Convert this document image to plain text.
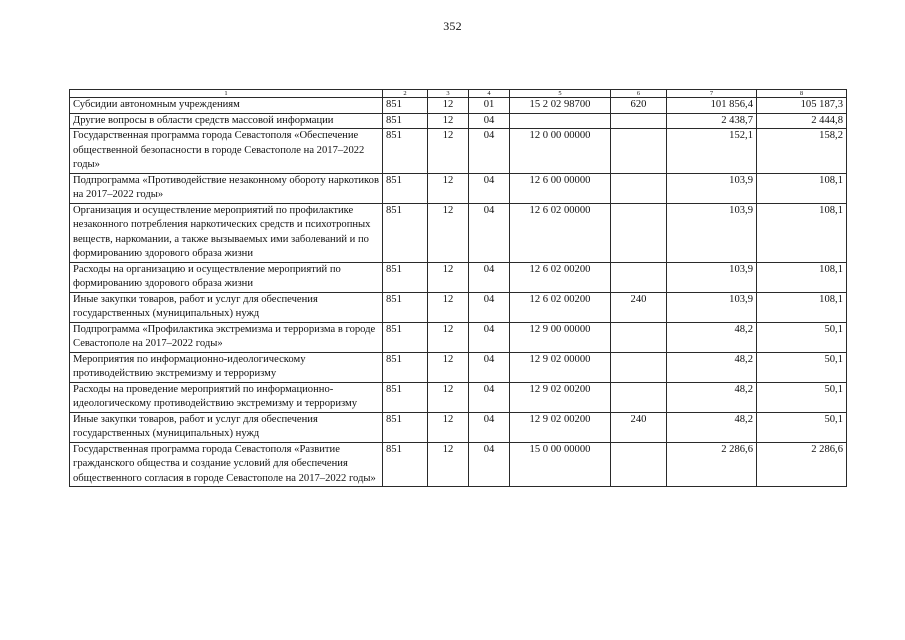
352
1	2	3	4	5	6	7	8
Субсидии автономным учреждениям	851	12	01	15 2 02 98700	620	101 856,4	105 187,3
Другие вопросы в области средств массовой информации	851	12	04			2 438,7	2 444,8
Государственная программа города Севастополя «Обеспечение общественной безопасности в городе Севастополе на 2017–2022 годы»	851	12	04	12 0 00 00000		152,1	158,2
Подпрограмма «Противодействие незаконному обороту наркотиков на 2017–2022 годы»	851	12	04	12 6 00 00000		103,9	108,1
Организация и осуществление мероприятий по профилактике незаконного потребления наркотических средств и психотропных веществ, наркомании, а также вызываемых ими заболеваний и по формированию здорового образа жизни	851	12	04	12 6 02 00000		103,9	108,1
Расходы на организацию и осуществление мероприятий по формированию здорового образа жизни	851	12	04	12 6 02 00200		103,9	108,1
Иные закупки товаров, работ и услуг для обеспечения государственных (муниципальных) нужд	851	12	04	12 6 02 00200	240	103,9	108,1
Подпрограмма «Профилактика экстремизма и терроризма в городе Севастополе на 2017–2022 годы»	851	12	04	12 9 00 00000		48,2	50,1
Мероприятия по информационно-идеологическому противодействию экстремизму и терроризму	851	12	04	12 9 02 00000		48,2	50,1
Расходы на проведение мероприятий по информационно-идеологическому противодействию экстремизму и терроризму	851	12	04	12 9 02 00200		48,2	50,1
Иные закупки товаров, работ и услуг для обеспечения государственных (муниципальных) нужд	851	12	04	12 9 02 00200	240	48,2	50,1
Государственная программа города Севастополя «Развитие гражданского общества и создание условий для обеспечения общественного согласия в городе Севастополе на 2017–2022 годы»	851	12	04	15 0 00 00000		2 286,6	2 286,6
